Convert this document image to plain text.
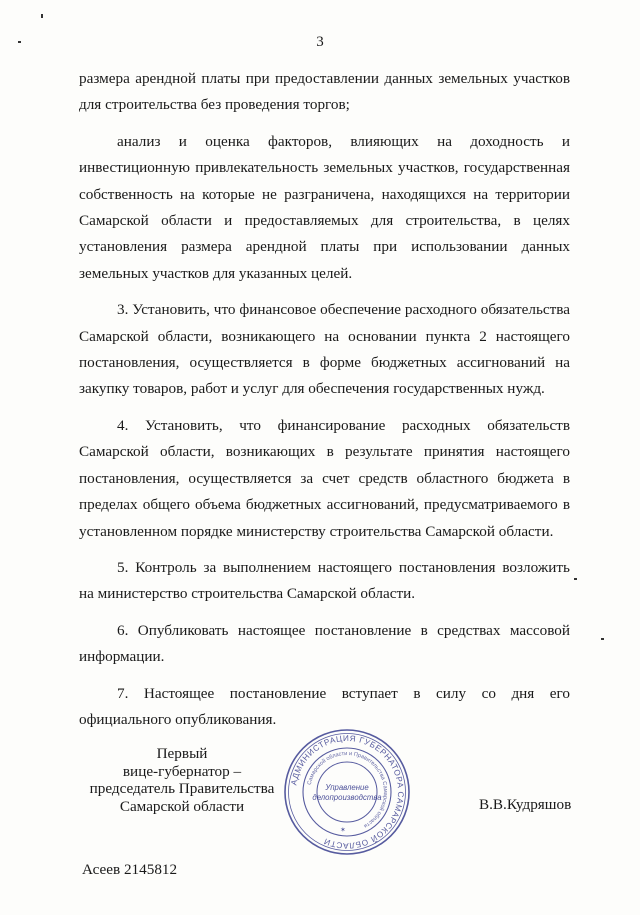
3

размера арендной платы при предоставлении данных земельных участков для строительства без проведения торгов;

анализ и оценка факторов, влияющих на доходность и инвестиционную привлекательность земельных участков, государственная собственность на которые не разграничена, находящихся на территории Самарской области и предоставляемых для строительства, в целях установления размера арендной платы при использовании данных земельных участков для указанных целей.

3. Установить, что финансовое обеспечение расходного обязательства Самарской области, возникающего на основании пункта 2 настоящего постановления, осуществляется в форме бюджетных ассигнований на закупку товаров, работ и услуг для обеспечения государственных нужд.

4. Установить, что финансирование расходных обязательств Самарской области, возникающих в результате принятия настоящего постановления, осуществляется за счет средств областного бюджета в пределах общего объема бюджетных ассигнований, предусматриваемого в установленном порядке министерству строительства Самарской области.

5. Контроль за выполнением настоящего постановления возложить на министерство строительства Самарской области.

6. Опубликовать настоящее постановление в средствах массовой информации.

7. Настоящее постановление вступает в силу со дня его официального опубликования.

Первый
вице-губернатор –
председатель Правительства
Самарской области
АДМИНИСТРАЦИЯ ГУБЕРНАТОРА САМАРСКОЙ ОБЛАСТИ
Самарской области и Правительства Самарской области
Управление
делопроизводства
✶
В.В.Кудряшов
Асеев 2145812
